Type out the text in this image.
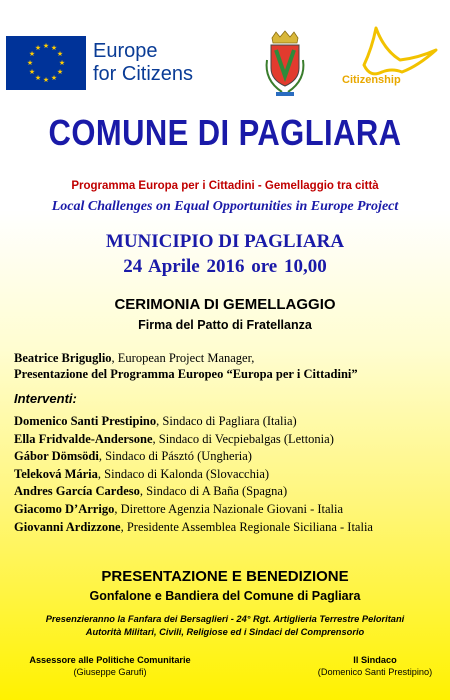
★ ★
★
★
★
★
★
★
★
★
★
★	Europe
for Citizens	Citizenship
COMUNE DI PAGLIARA
Programma Europa per i Cittadini - Gemellaggio tra città
Local Challenges on Equal Opportunities in Europe Project
MUNICIPIO DI PAGLIARA
24 Aprile 2016 ore 10,00
CERIMONIA DI GEMELLAGGIO
Firma del Patto di Fratellanza
Beatrice Briguglio, European Project Manager,
Presentazione del Programma Europeo “Europa per i Cittadini”
Interventi:
Domenico Santi Prestipino, Sindaco di Pagliara (Italia)
Ella Fridvalde-Andersone, Sindaco di Vecpiebalgas (Lettonia)
Gábor Dömsödi, Sindaco di Pásztó (Ungheria)
Teleková Mária, Sindaco di Kalonda (Slovacchia)
Andres García Cardeso, Sindaco di A Baña (Spagna)
Giacomo D’Arrigo, Direttore Agenzia Nazionale Giovani - Italia
Giovanni Ardizzone, Presidente Assemblea Regionale Siciliana - Italia
PRESENTAZIONE E BENEDIZIONE
Gonfalone e Bandiera del Comune di Pagliara
Presenzieranno la Fanfara dei Bersaglieri - 24° Rgt. Artiglieria Terrestre Peloritani
Autorità Militari, Civili, Religiose ed i Sindaci del Comprensorio
Assessore alle Politiche Comunitarie
(Giuseppe Garufi)
Il Sindaco
(Domenico Santi Prestipino)
